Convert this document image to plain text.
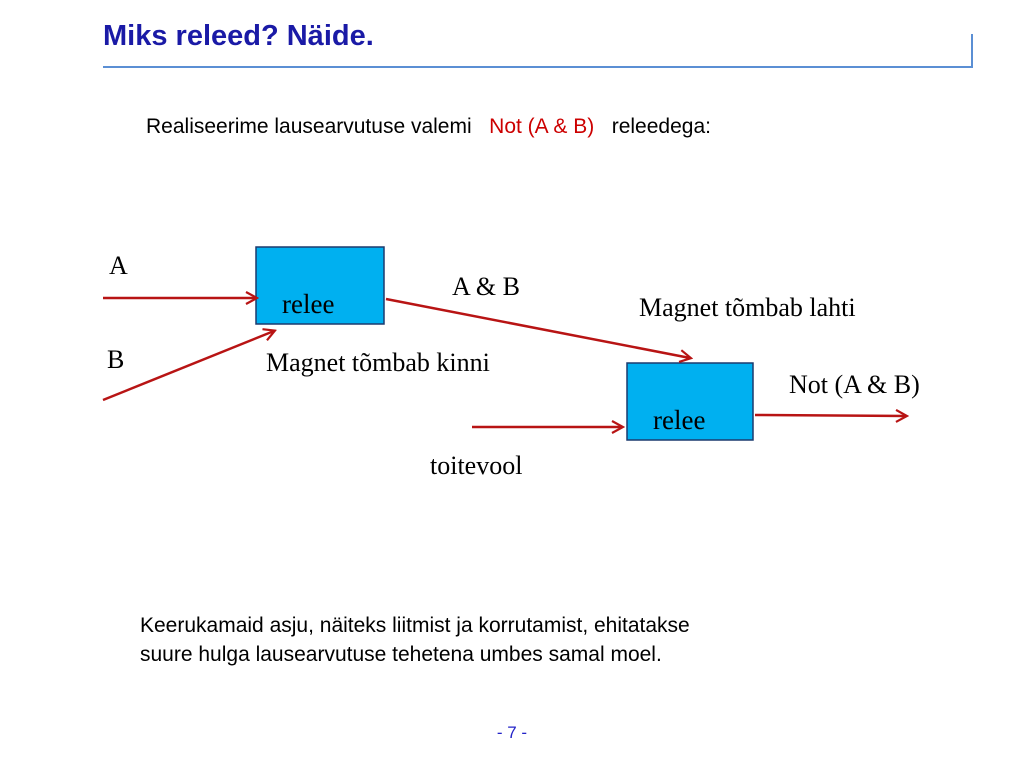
Miks releed? Näide.
Realiseerime lausearvutuse valemi Not (A & B) releedega:
A
B
relee
relee
A & B
Magnet tõmbab kinni
Magnet tõmbab lahti
Not (A & B)
toitevool
Keerukamaid asju, näiteks liitmist ja korrutamist, ehitatakse
suure hulga lausearvutuse tehetena umbes samal moel.
- 7 -
